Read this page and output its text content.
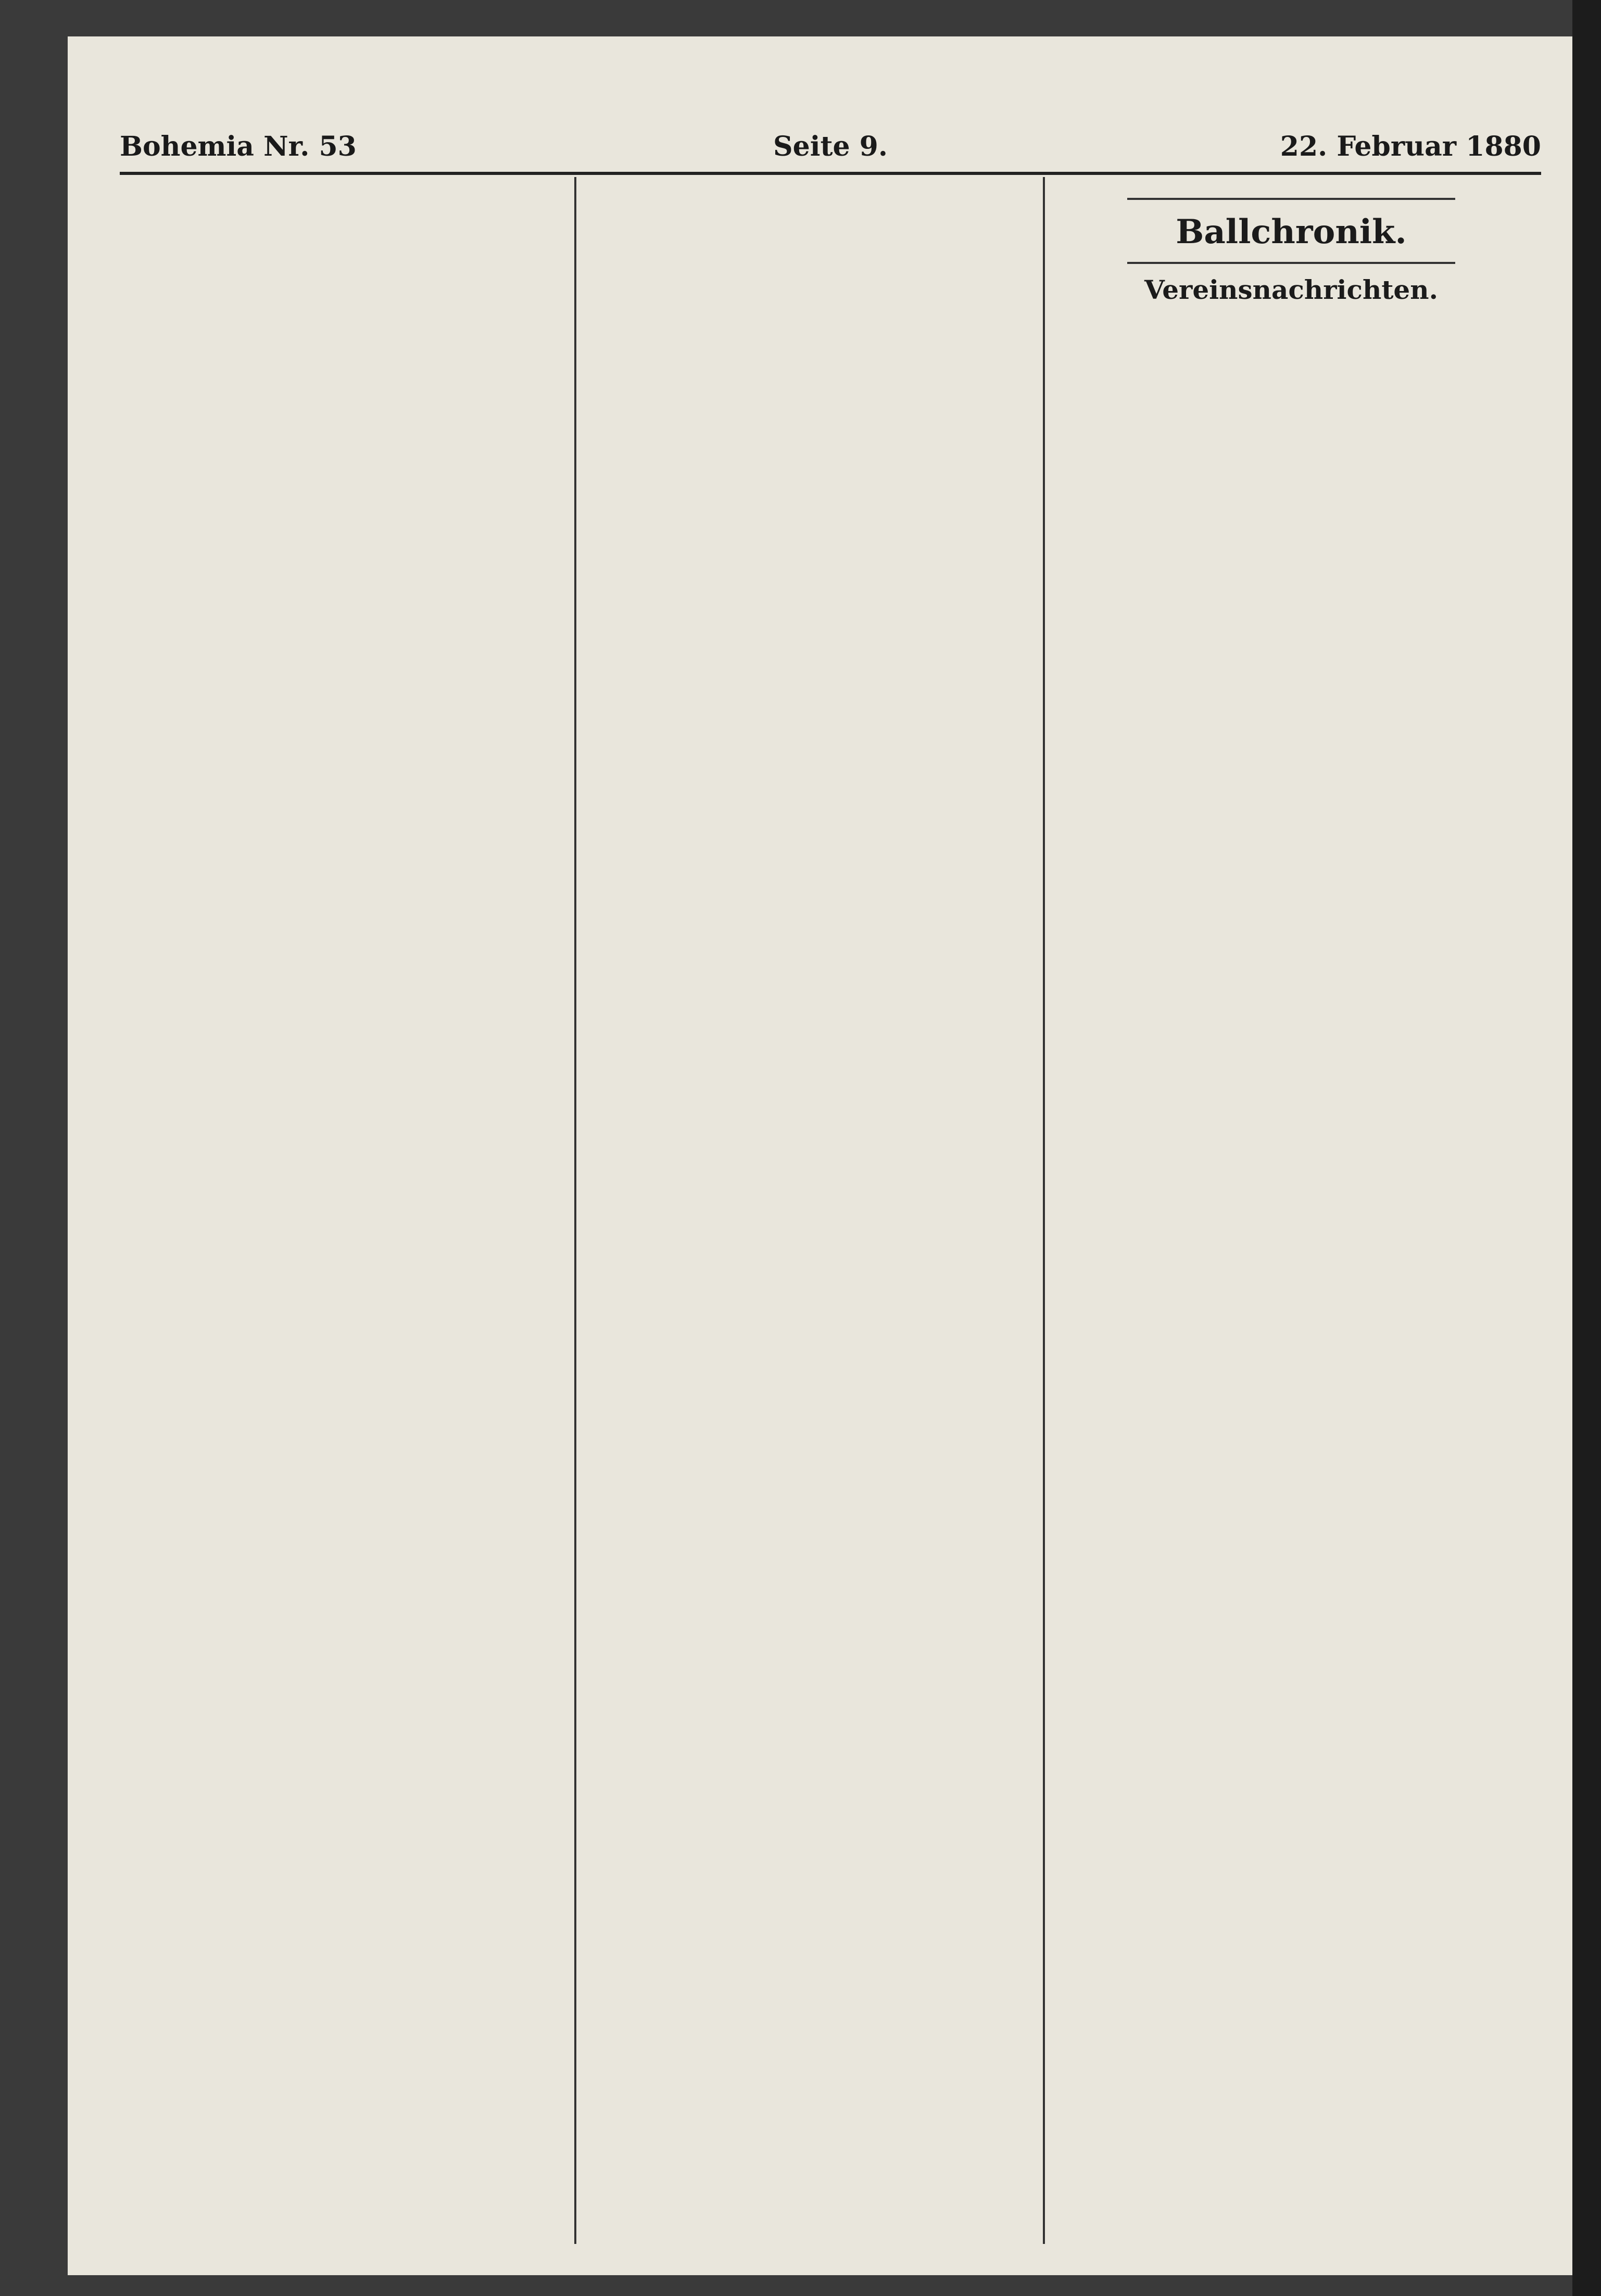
Bohemia Nr. 53	Seite 9.	22. Februar 1880
Ballchronik.
Vereinsnachrichten.
